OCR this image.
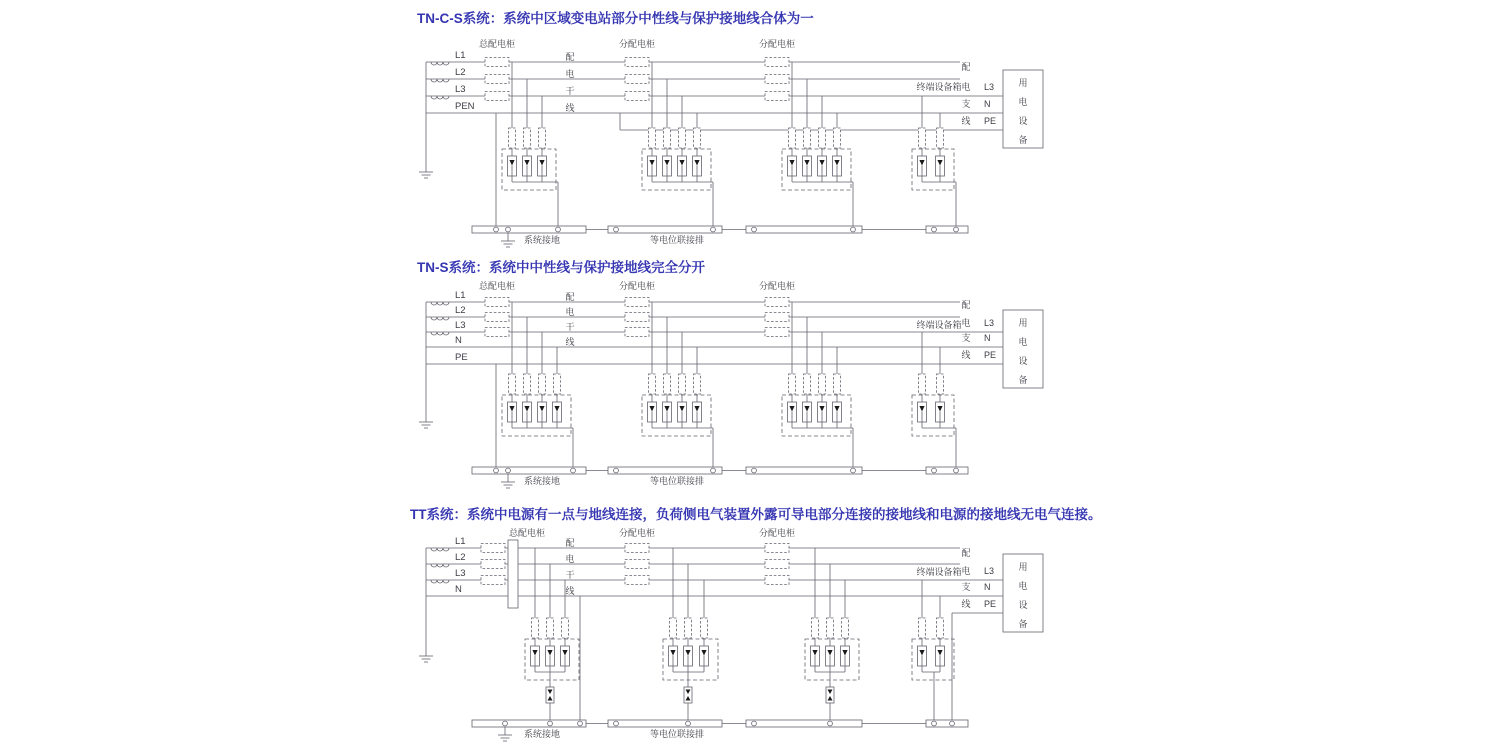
TN-C-S系统：系统中区域变电站部分中性线与保护接地线合体为一
L1
L2
L3
PEN
总配电柜	分配电柜	分配电柜
配
电
干
线
系统接地	等电位联接排
终端设备箱
配
电
支
线
L3
N
PE
用
电
设
备
TN-S系统：系统中中性线与保护接地线完全分开
L1
L2
L3
N
PE
总配电柜	分配电柜	分配电柜
配
电
干
线
系统接地	等电位联接排
终端设备箱
配
电
支
线
L3
N
PE
用
电
设
备
TT系统：系统中电源有一点与地线连接，负荷侧电气装置外露可导电部分连接的接地线和电源的接地线无电气连接。
L1
L2
L3
N
总配电柜	分配电柜	分配电柜
配
电
干
线
系统接地	等电位联接排
终端设备箱
配
电
支
线
L3
N
PE
用
电
设
备
